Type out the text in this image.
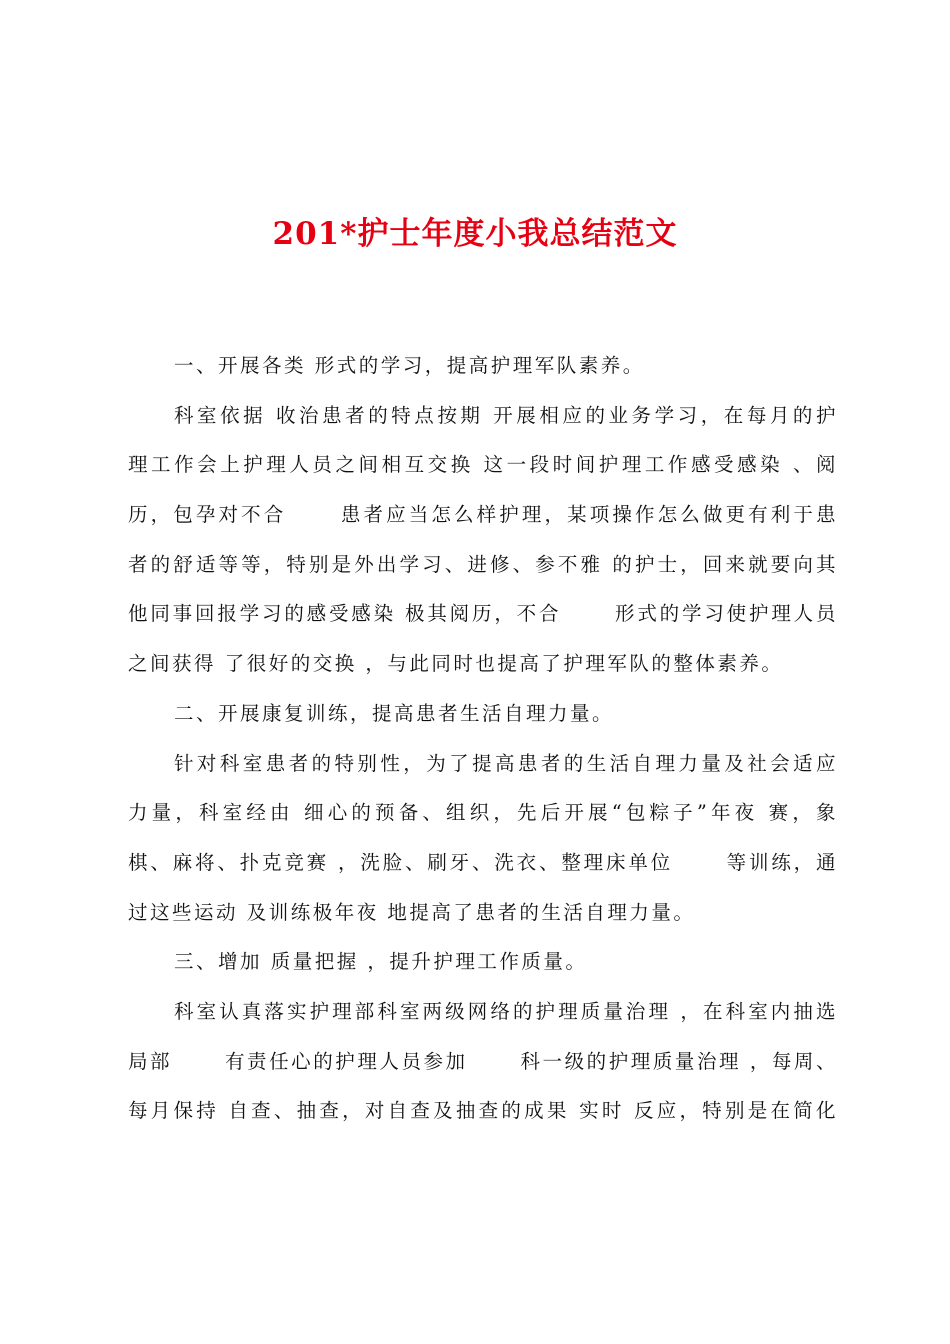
201*护士年度小我总结范文
一、开展各类 形式的学习，提高护理军队素养。
科室依据 收治患者的特点按期 开展相应的业务学习，在每月的护
理工作会上护理人员之间相互交换 这一段时间护理工作感受感染 、阅
历，包孕对不合 　　患者应当怎么样护理，某项操作怎么做更有利于患
者的舒适等等，特别是外出学习、进修、参不雅 的护士，回来就要向其
他同事回报学习的感受感染 极其阅历，不合 　　形式的学习使护理人员
之间获得 了很好的交换 ，与此同时也提高了护理军队的整体素养。
二、开展康复训练，提高患者生活自理力量。
针对科室患者的特别性，为了提高患者的生活自理力量及社会适应
力量，科室经由 细心的预备、组织，先后开展“包粽子”年夜 赛，象
棋、麻将、扑克竞赛 ，洗脸、刷牙、洗衣、整理床单位 　　等训练，通
过这些运动 及训练极年夜 地提高了患者的生活自理力量。
三、增加 质量把握 ，提升护理工作质量。
科室认真落实护理部科室两级网络的护理质量治理 ，在科室内抽选
局部 　　有责任心的护理人员参加 　　科一级的护理质量治理 ，每周、
每月保持 自查、抽查，对自查及抽查的成果 实时 反应，特别是在简化
